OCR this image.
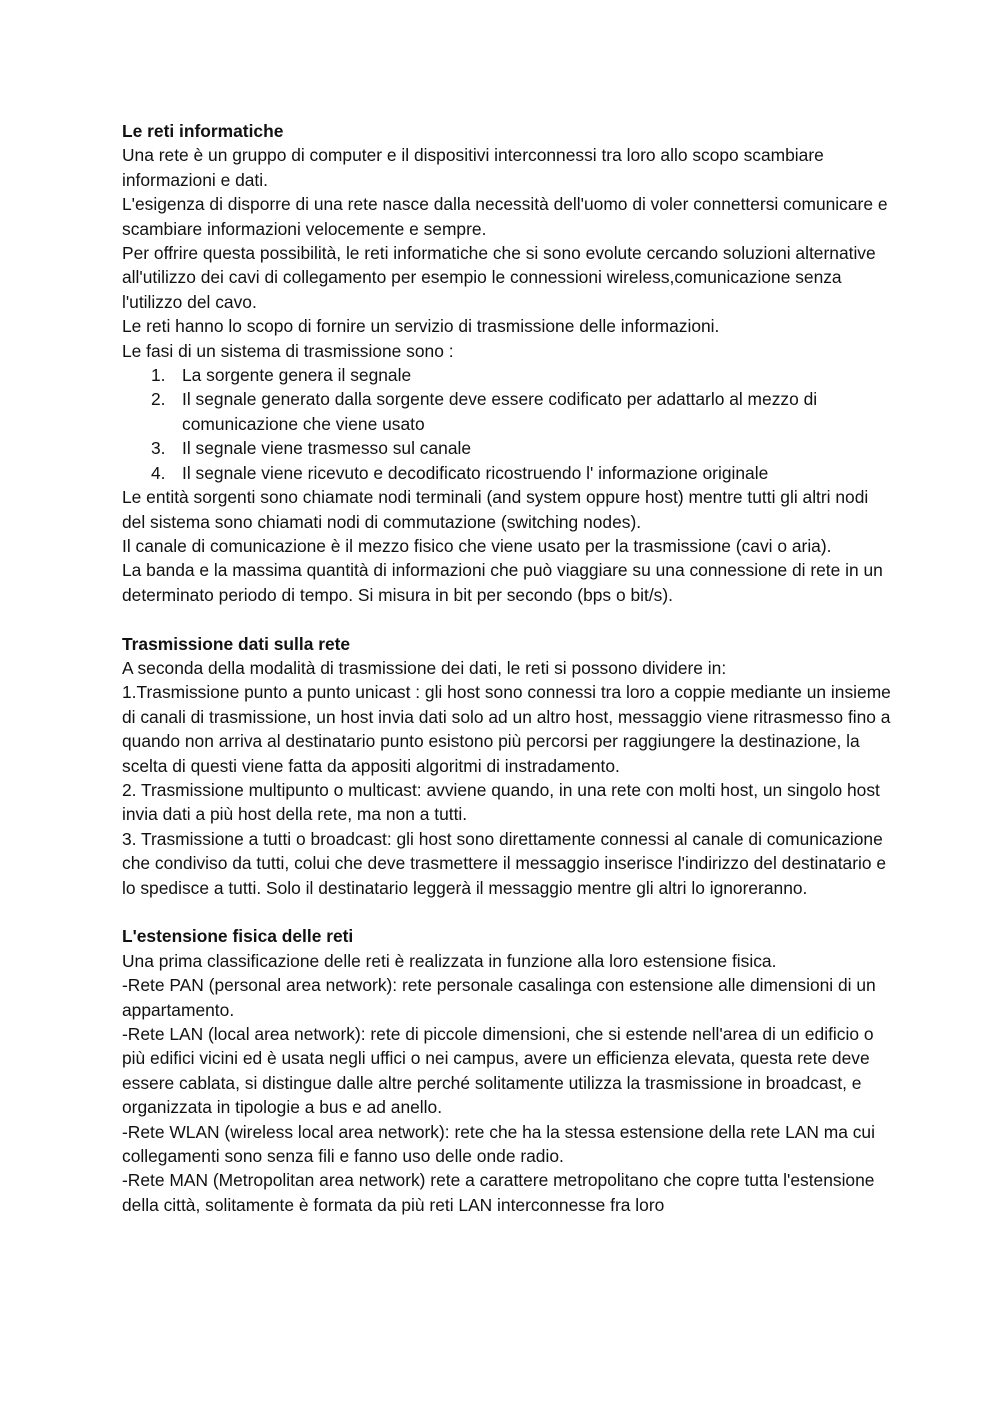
Le reti informatiche

Una rete è un gruppo di computer e il dispositivi interconnessi tra loro allo scopo scambiare informazioni e dati.

L'esigenza di disporre di una rete nasce dalla necessità dell'uomo di voler connettersi comunicare e scambiare informazioni velocemente e sempre.

Per offrire questa possibilità, le reti informatiche che si sono evolute cercando soluzioni alternative all'utilizzo dei cavi di collegamento per esempio le connessioni wireless,comunicazione senza l'utilizzo del cavo.

Le reti hanno lo scopo di fornire un servizio di trasmissione delle informazioni.

Le fasi di un sistema di trasmissione sono :

1. La sorgente genera il segnale
2. Il segnale generato dalla sorgente deve essere codificato per adattarlo al mezzo di comunicazione che viene usato
3. Il segnale viene trasmesso sul canale
4. Il segnale viene ricevuto e decodificato ricostruendo l' informazione originale

Le entità sorgenti sono chiamate nodi terminali (and system oppure host) mentre tutti gli altri nodi del sistema sono chiamati nodi di commutazione (switching nodes).

Il canale di comunicazione è il mezzo fisico che viene usato per la trasmissione (cavi o aria).

La banda e la massima quantità di informazioni che può viaggiare su una connessione di rete in un determinato periodo di tempo. Si misura in bit per secondo (bps o bit/s).

Trasmissione dati sulla rete

A seconda della modalità di trasmissione dei dati, le reti si possono dividere in:

1.Trasmissione punto a punto unicast : gli host sono connessi tra loro a coppie mediante un insieme di canali di trasmissione, un host invia dati solo ad un altro host, messaggio viene ritrasmesso fino a quando non arriva al destinatario punto esistono più percorsi per raggiungere la destinazione, la scelta di questi viene fatta da appositi algoritmi di instradamento.

2. Trasmissione multipunto o multicast: avviene quando, in una rete con molti host, un singolo host invia dati a più host della rete, ma non a tutti.

3. Trasmissione a tutti o broadcast: gli host sono direttamente connessi al canale di comunicazione che condiviso da tutti, colui che deve trasmettere il messaggio inserisce l'indirizzo del destinatario e lo spedisce a tutti. Solo il destinatario leggerà il messaggio mentre gli altri lo ignoreranno.

L'estensione fisica delle reti

Una prima classificazione delle reti è realizzata in funzione alla loro estensione fisica.

-Rete PAN (personal area network): rete personale casalinga con estensione alle dimensioni di un appartamento.

-Rete LAN (local area network): rete di piccole dimensioni, che si estende nell'area di un edificio o più edifici vicini ed è usata negli uffici o nei campus, avere un efficienza elevata, questa rete deve essere cablata, si distingue dalle altre perché solitamente utilizza la trasmissione in broadcast, e organizzata in tipologie a bus e ad anello.

-Rete WLAN (wireless local area network): rete che ha la stessa estensione della rete LAN ma cui collegamenti sono senza fili e fanno uso delle onde radio.

-Rete MAN (Metropolitan area network) rete a carattere metropolitano che copre tutta l'estensione della città, solitamente è formata da più reti LAN interconnesse fra loro
